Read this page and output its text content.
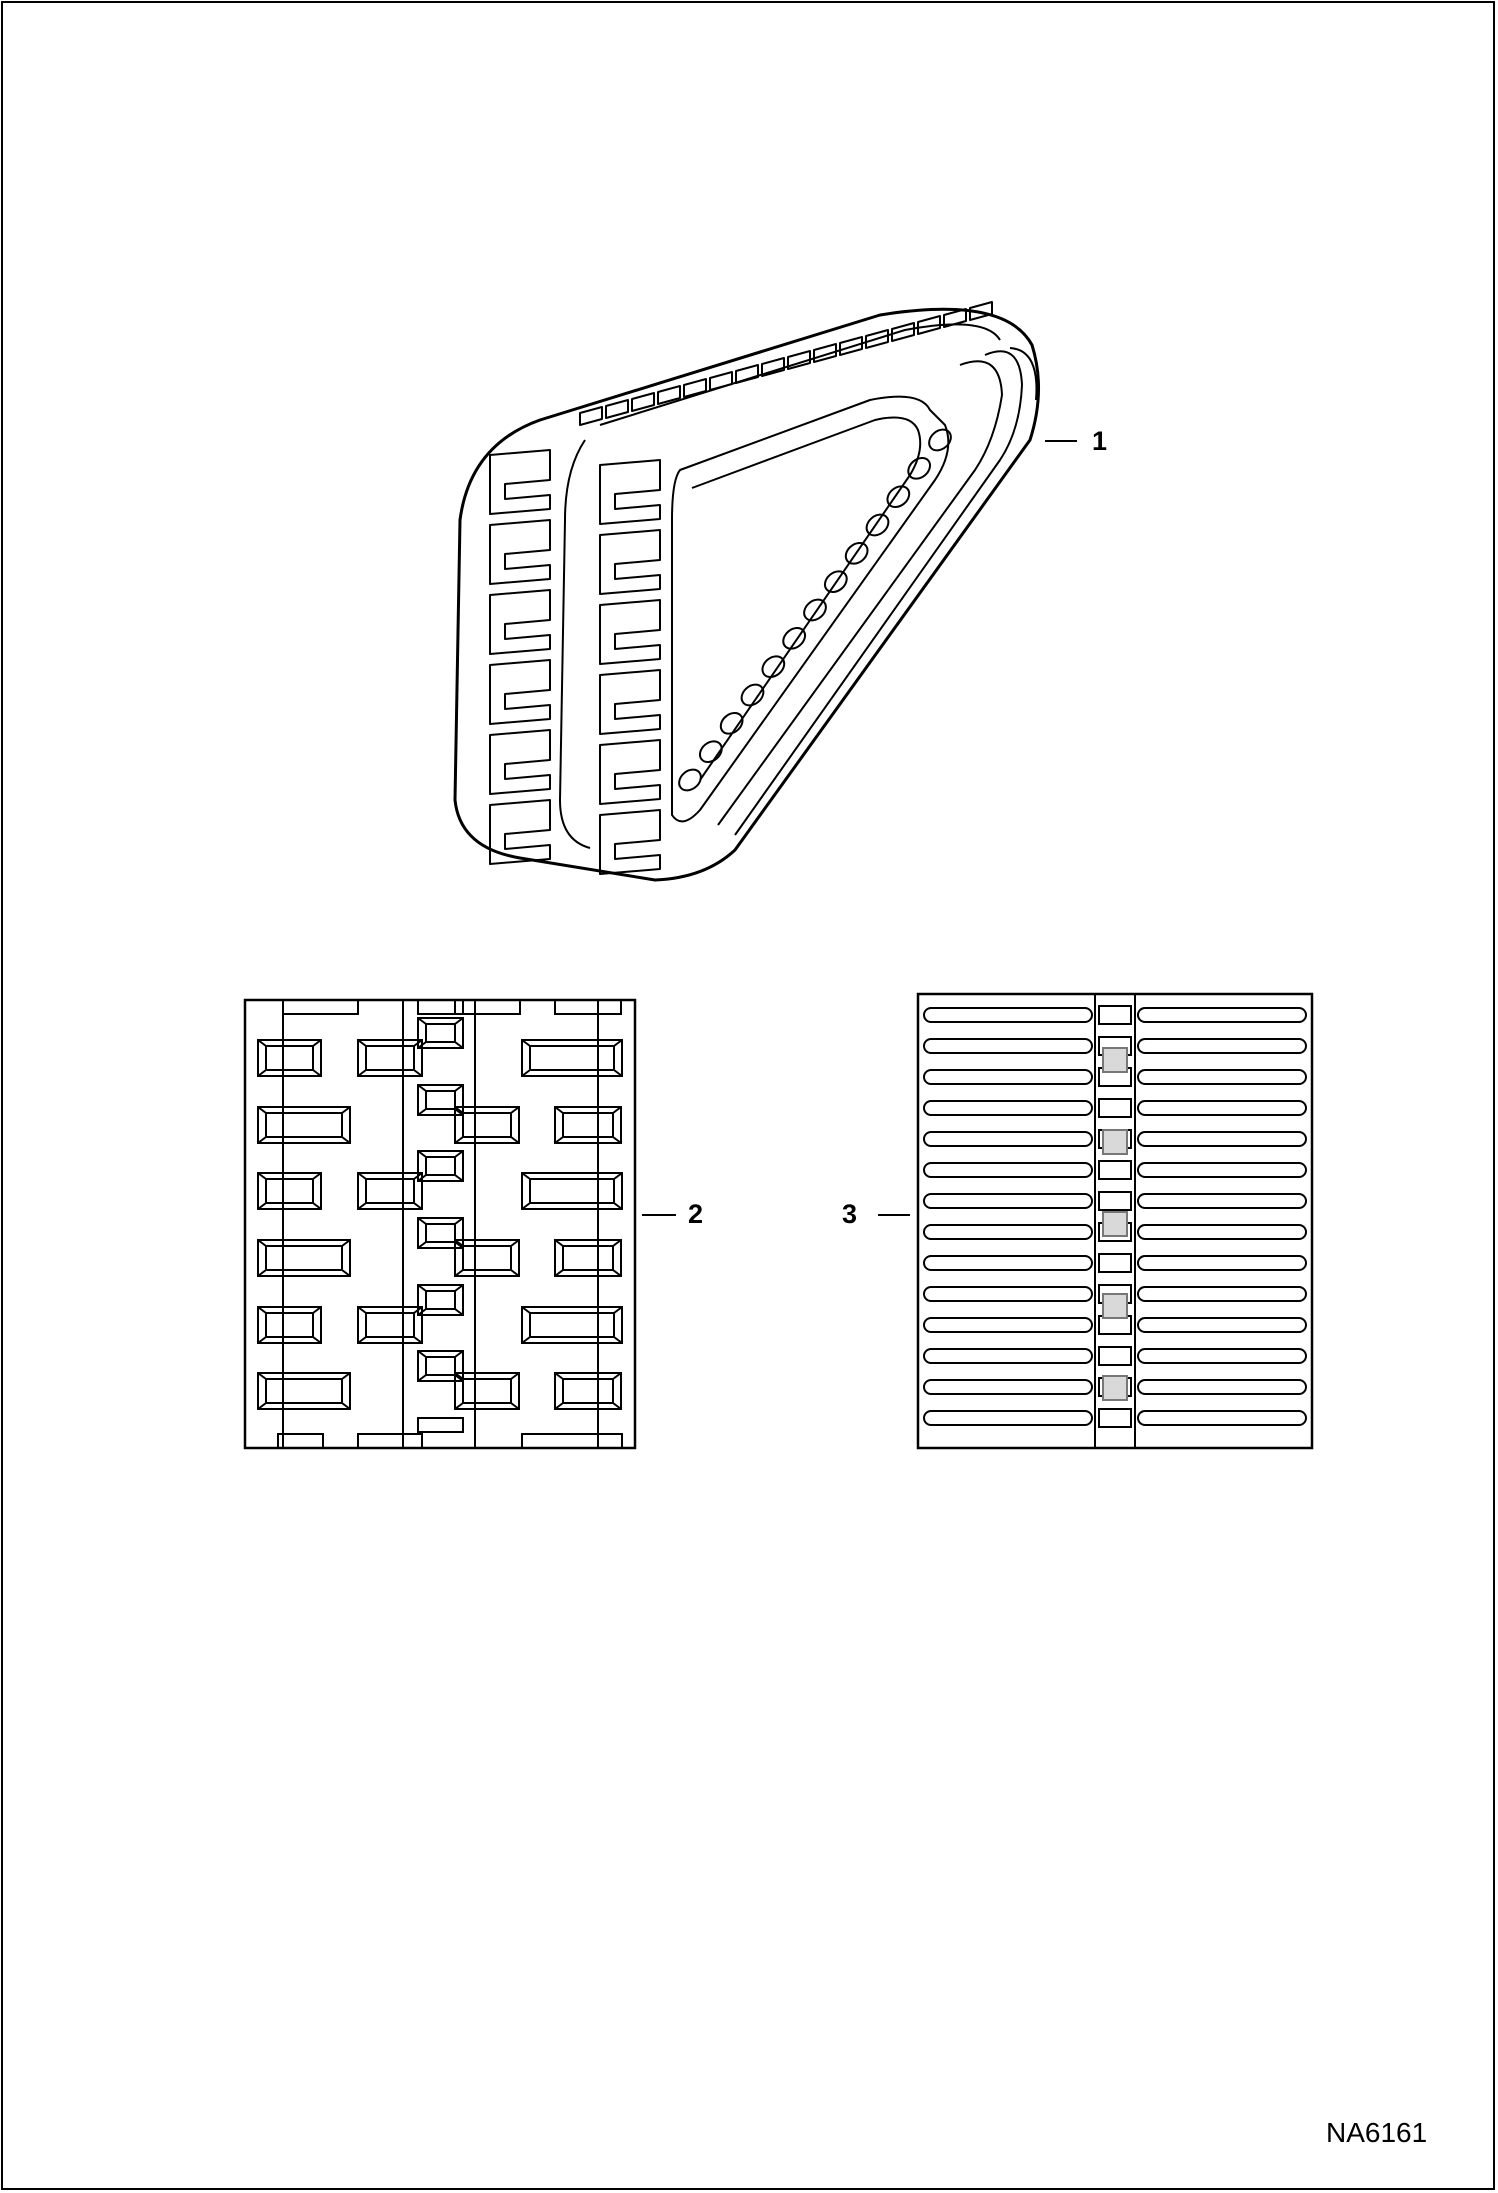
1
2	3
NA6161
